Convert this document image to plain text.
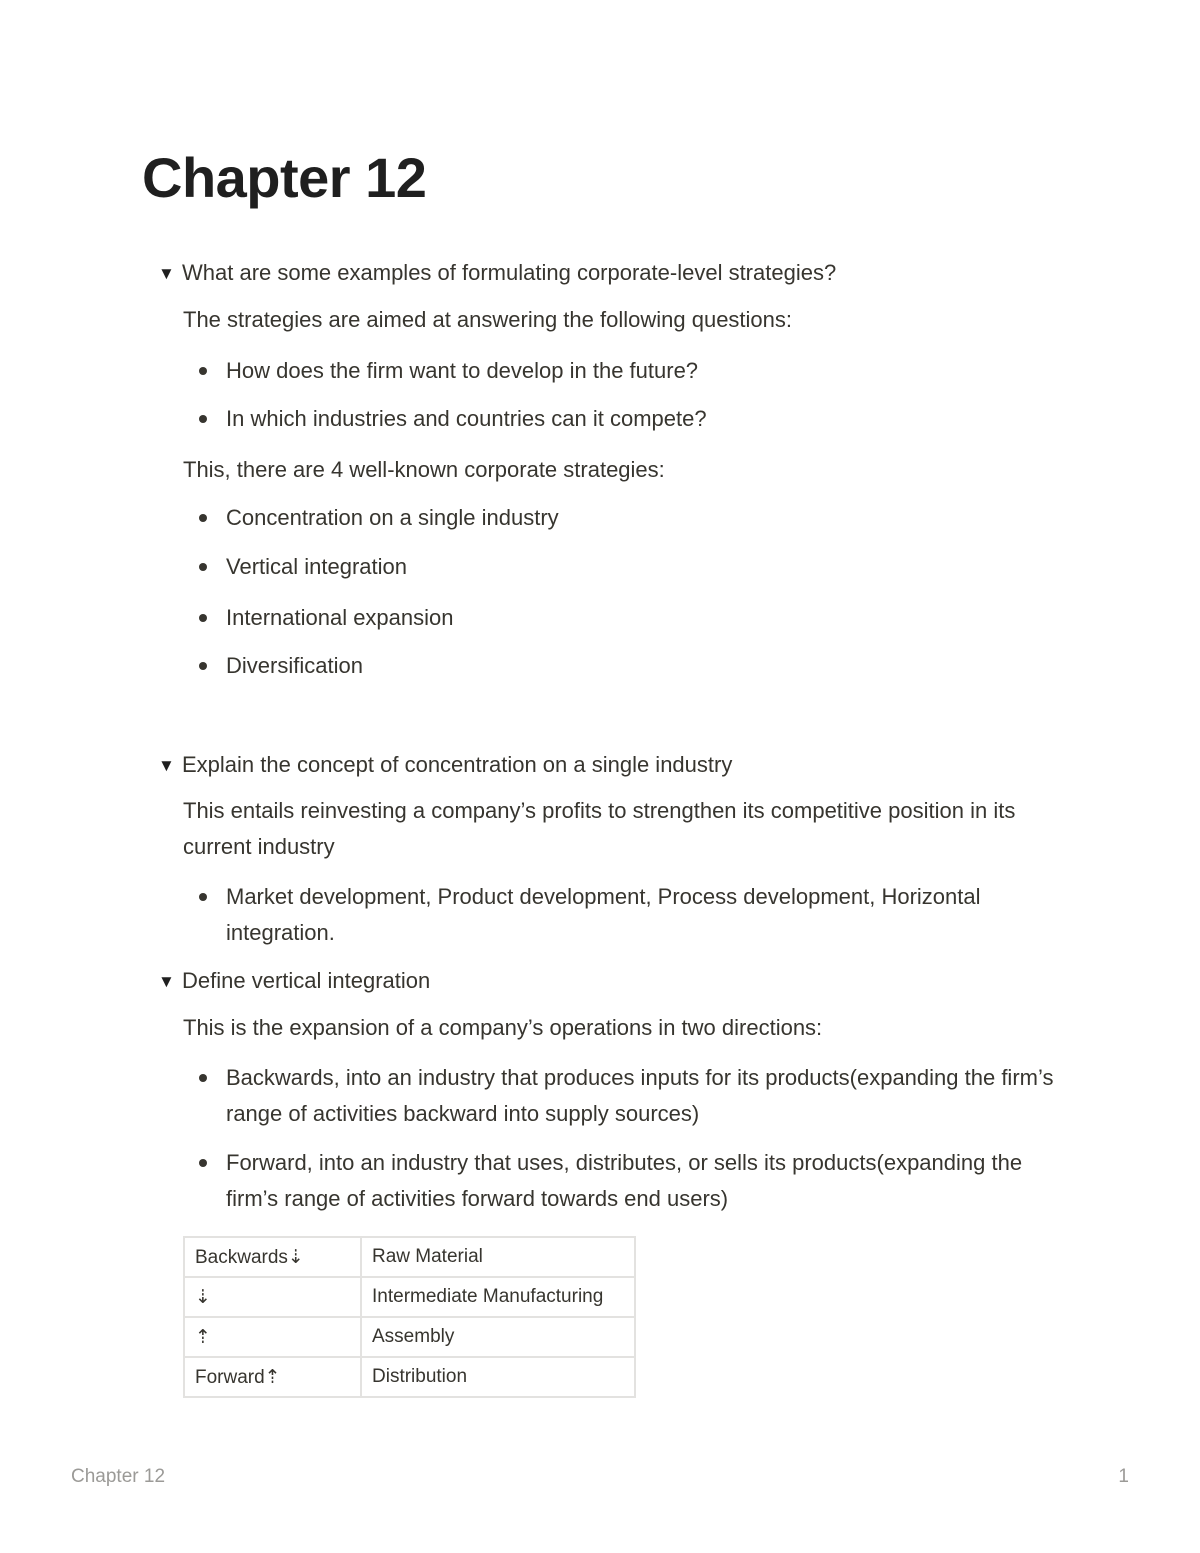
Chapter 12
▼ What are some examples of formulating corporate-level strategies?

The strategies are aimed at answering the following questions:

How does the firm want to develop in the future?
In which industries and countries can it compete?

This, there are 4 well-known corporate strategies:

Concentration on a single industry
Vertical integration
International expansion
Diversification
▼ Explain the concept of concentration on a single industry

This entails reinvesting a company’s profits to strengthen its competitive position in its current industry

Market development, Product development, Process development, Horizontal integration.
▼ Define vertical integration

This is the expansion of a company’s operations in two directions:

Backwards, into an industry that produces inputs for its products(expanding the firm’s range of activities backward into supply sources)
Forward, into an industry that uses, distributes, or sells its products(expanding the firm’s range of activities forward towards end users)
Backwards⇣	Raw Material
⇣	Intermediate Manufacturing
⇡	Assembly
Forward⇡	Distribution
Chapter 12	1
